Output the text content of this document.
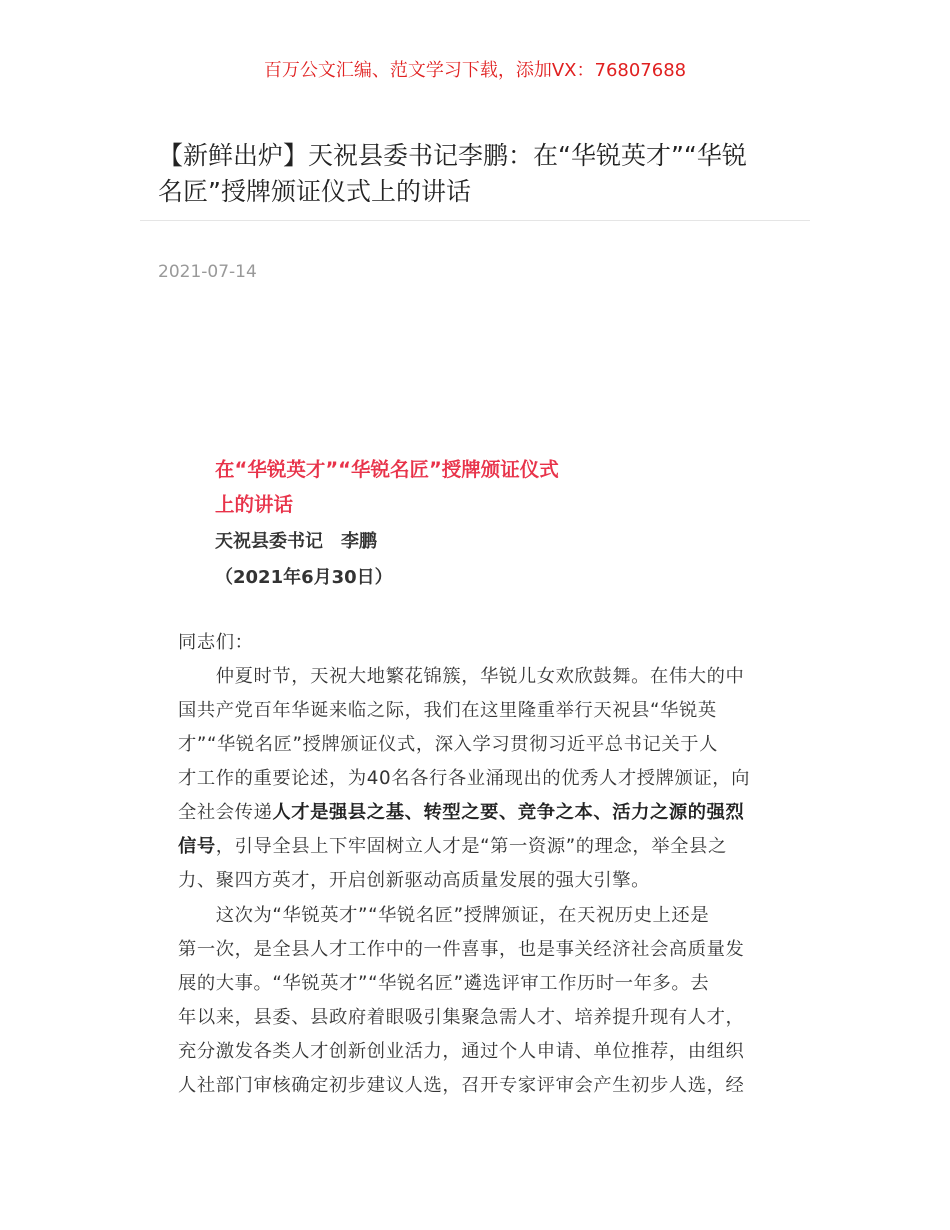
百万公文汇编、范文学习下载，添加VX：76807688
【新鲜出炉】天祝县委书记李鹏：在“华锐英才”“华锐
名匠”授牌颁证仪式上的讲话
2021-07-14
在“华锐英才”“华锐名匠”授牌颁证仪式
上的讲话
天祝县委书记　李鹏
（2021年6月30日）
同志们：
　　仲夏时节，天祝大地繁花锦簇，华锐儿女欢欣鼓舞。在伟大的中
国共产党百年华诞来临之际，我们在这里隆重举行天祝县“华锐英
才”“华锐名匠”授牌颁证仪式，深入学习贯彻习近平总书记关于人
才工作的重要论述，为40名各行各业涌现出的优秀人才授牌颁证，向
全社会传递人才是强县之基、转型之要、竞争之本、活力之源的强烈
信号，引导全县上下牢固树立人才是“第一资源”的理念，举全县之
力、聚四方英才，开启创新驱动高质量发展的强大引擎。
　　这次为“华锐英才”“华锐名匠”授牌颁证，在天祝历史上还是
第一次，是全县人才工作中的一件喜事，也是事关经济社会高质量发
展的大事。“华锐英才”“华锐名匠”遴选评审工作历时一年多。去
年以来，县委、县政府着眼吸引集聚急需人才、培养提升现有人才，
充分激发各类人才创新创业活力，通过个人申请、单位推荐，由组织
人社部门审核确定初步建议人选，召开专家评审会产生初步人选，经
